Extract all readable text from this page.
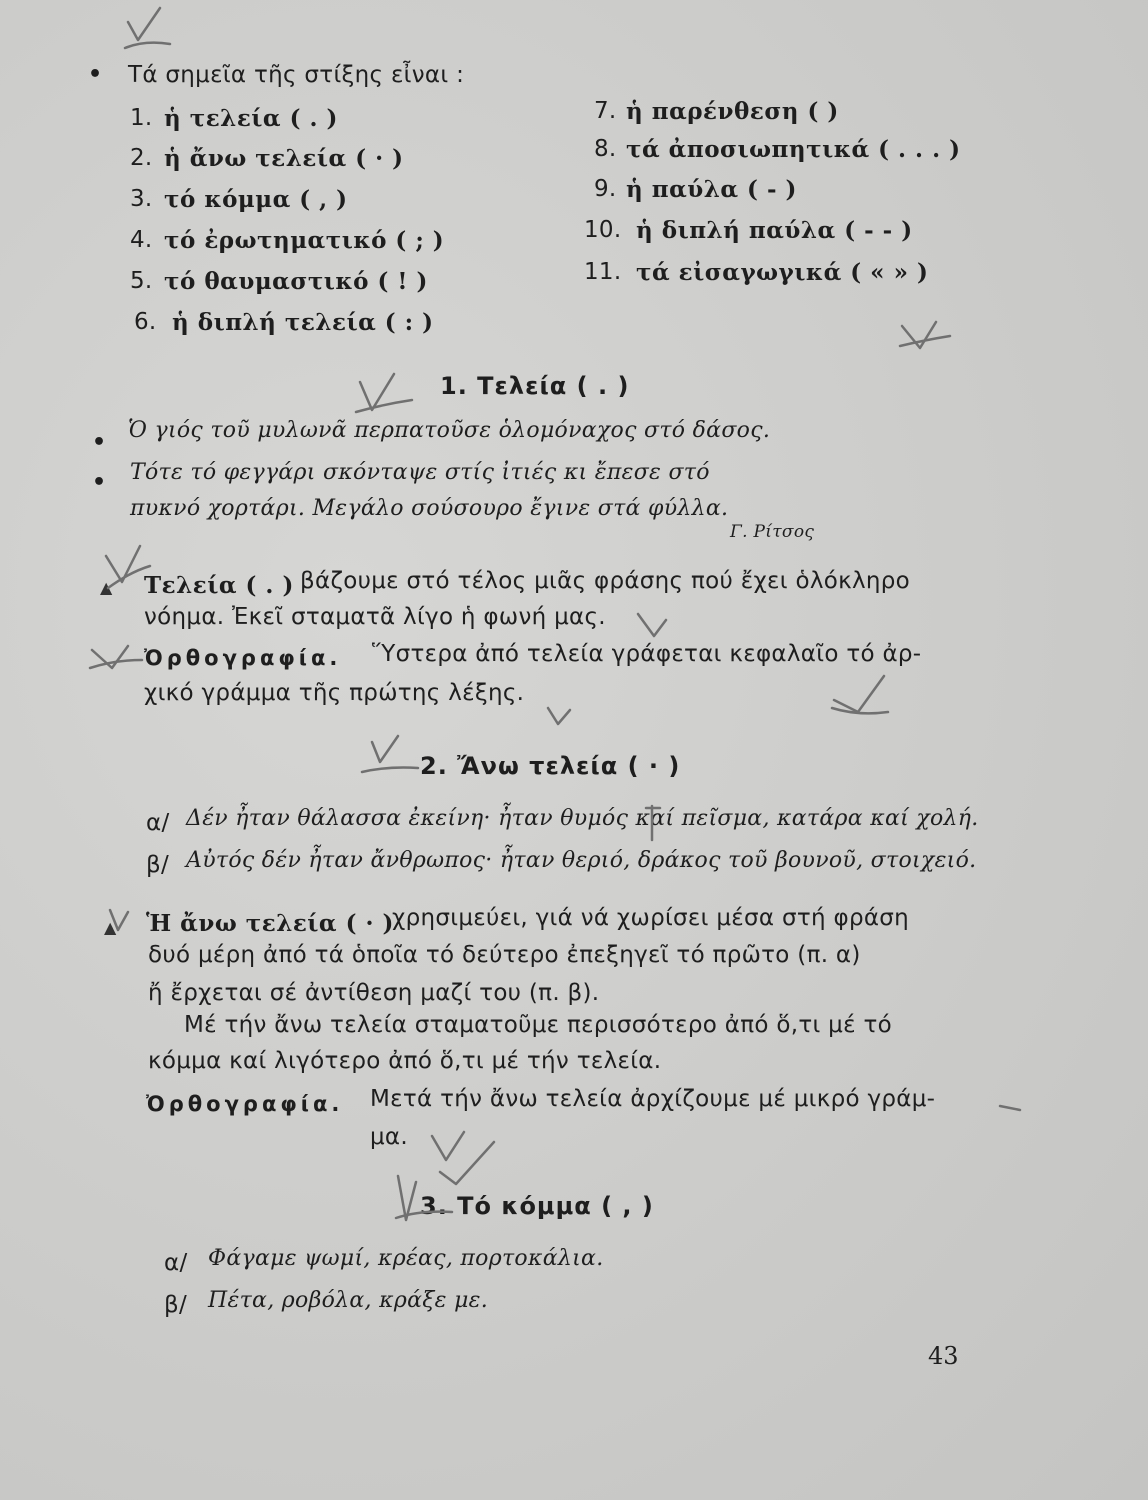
• Τά σημεῖα τῆς στίξης εἶναι :
1. ἡ τελεία ( . )
2. ἡ ἄνω τελεία ( · )
3. τό κόμμα ( , )
4. τό ἐρωτηματικό ( ; )
5. τό θαυμαστικό ( ! )
6. ἡ διπλή τελεία ( : )
7. ἡ παρένθεση ( )
8. τά ἀποσιωπητικά ( . . . )
9. ἡ παύλα ( - )
10. ἡ διπλή παύλα ( - - )
11. τά εἰσαγωγικά ( « » )
1. Τελεία ( . )
• Ὁ γιός τοῦ μυλωνᾶ περπατοῦσε ὁλομόναχος στό δάσος.
• Τότε τό φεγγάρι σκόνταψε στίς ἰτιές κι ἔπεσε στό
πυκνό χορτάρι. Μεγάλο σούσουρο ἔγινε στά φύλλα.
Γ. Ρίτσος
▲ Τελεία ( . ) βάζουμε στό τέλος μιᾶς φράσης πού ἔχει ὁλόκληρο
νόημα. Ἐκεῖ σταματᾶ λίγο ἡ φωνή μας.
Ὀρθογραφία. Ὕστερα ἀπό τελεία γράφεται κεφαλαῖο τό ἀρ-
χικό γράμμα τῆς πρώτης λέξης.
2. Ἄνω τελεία ( · )
α/ Δέν ἦταν θάλασσα ἐκείνη· ἦταν θυμός καί πεῖσμα, κατάρα καί χολή.
β/ Αὐτός δέν ἦταν ἄνθρωπος· ἦταν θεριό, δράκος τοῦ βουνοῦ, στοιχειό.
▲ Ἡ ἄνω τελεία ( · )
χρησιμεύει, γιά νά χωρίσει μέσα στή φράση
δυό μέρη ἀπό τά ὁποῖα τό δεύτερο ἐπεξηγεῖ τό πρῶτο (π. α)
ἤ ἔρχεται σέ ἀντίθεση μαζί του (π. β).
Μέ τήν ἄνω τελεία σταματοῦμε περισσότερο ἀπό ὅ,τι μέ τό
κόμμα καί λιγότερο ἀπό ὅ,τι μέ τήν τελεία.
Ὀρθογραφία. Μετά τήν ἄνω τελεία ἀρχίζουμε μέ μικρό γράμ-
μα.
3. Τό κόμμα ( , )
α/ Φάγαμε ψωμί, κρέας, πορτοκάλια.
β/ Πέτα, ροβόλα, κράξε με.
43
